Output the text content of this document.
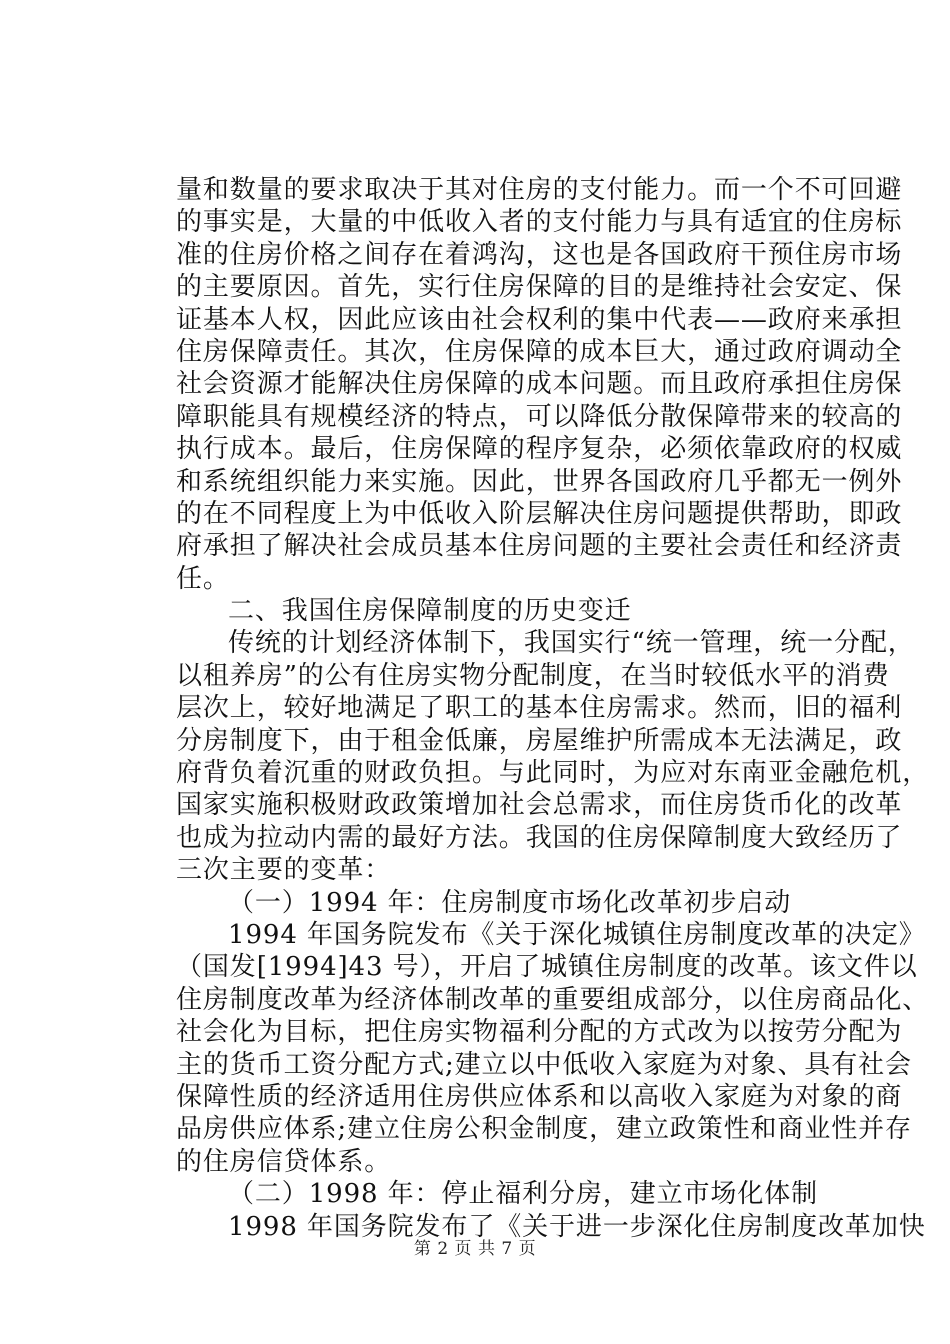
量和数量的要求取决于其对住房的支付能力。而一个不可回避
的事实是，大量的中低收入者的支付能力与具有适宜的住房标
准的住房价格之间存在着鸿沟，这也是各国政府干预住房市场
的主要原因。首先，实行住房保障的目的是维持社会安定、保
证基本人权，因此应该由社会权利的集中代表——政府来承担
住房保障责任。其次，住房保障的成本巨大，通过政府调动全
社会资源才能解决住房保障的成本问题。而且政府承担住房保
障职能具有规模经济的特点，可以降低分散保障带来的较高的
执行成本。最后，住房保障的程序复杂，必须依靠政府的权威
和系统组织能力来实施。因此，世界各国政府几乎都无一例外
的在不同程度上为中低收入阶层解决住房问题提供帮助，即政
府承担了解决社会成员基本住房问题的主要社会责任和经济责
任。
二、我国住房保障制度的历史变迁
传统的计划经济体制下，我国实行“统一管理，统一分配，
以租养房”的公有住房实物分配制度，在当时较低水平的消费
层次上，较好地满足了职工的基本住房需求。然而，旧的福利
分房制度下，由于租金低廉，房屋维护所需成本无法满足，政
府背负着沉重的财政负担。与此同时，为应对东南亚金融危机，
国家实施积极财政政策增加社会总需求，而住房货币化的改革
也成为拉动内需的最好方法。我国的住房保障制度大致经历了
三次主要的变革：
（一）1994 年：住房制度市场化改革初步启动
1994 年国务院发布《关于深化城镇住房制度改革的决定》
（国发[1994]43 号），开启了城镇住房制度的改革。该文件以
住房制度改革为经济体制改革的重要组成部分，以住房商品化、
社会化为目标，把住房实物福利分配的方式改为以按劳分配为
主的货币工资分配方式;建立以中低收入家庭为对象、具有社会
保障性质的经济适用住房供应体系和以高收入家庭为对象的商
品房供应体系;建立住房公积金制度，建立政策性和商业性并存
的住房信贷体系。
（二）1998 年：停止福利分房，建立市场化体制
1998 年国务院发布了《关于进一步深化住房制度改革加快
第 2 页 共 7 页
